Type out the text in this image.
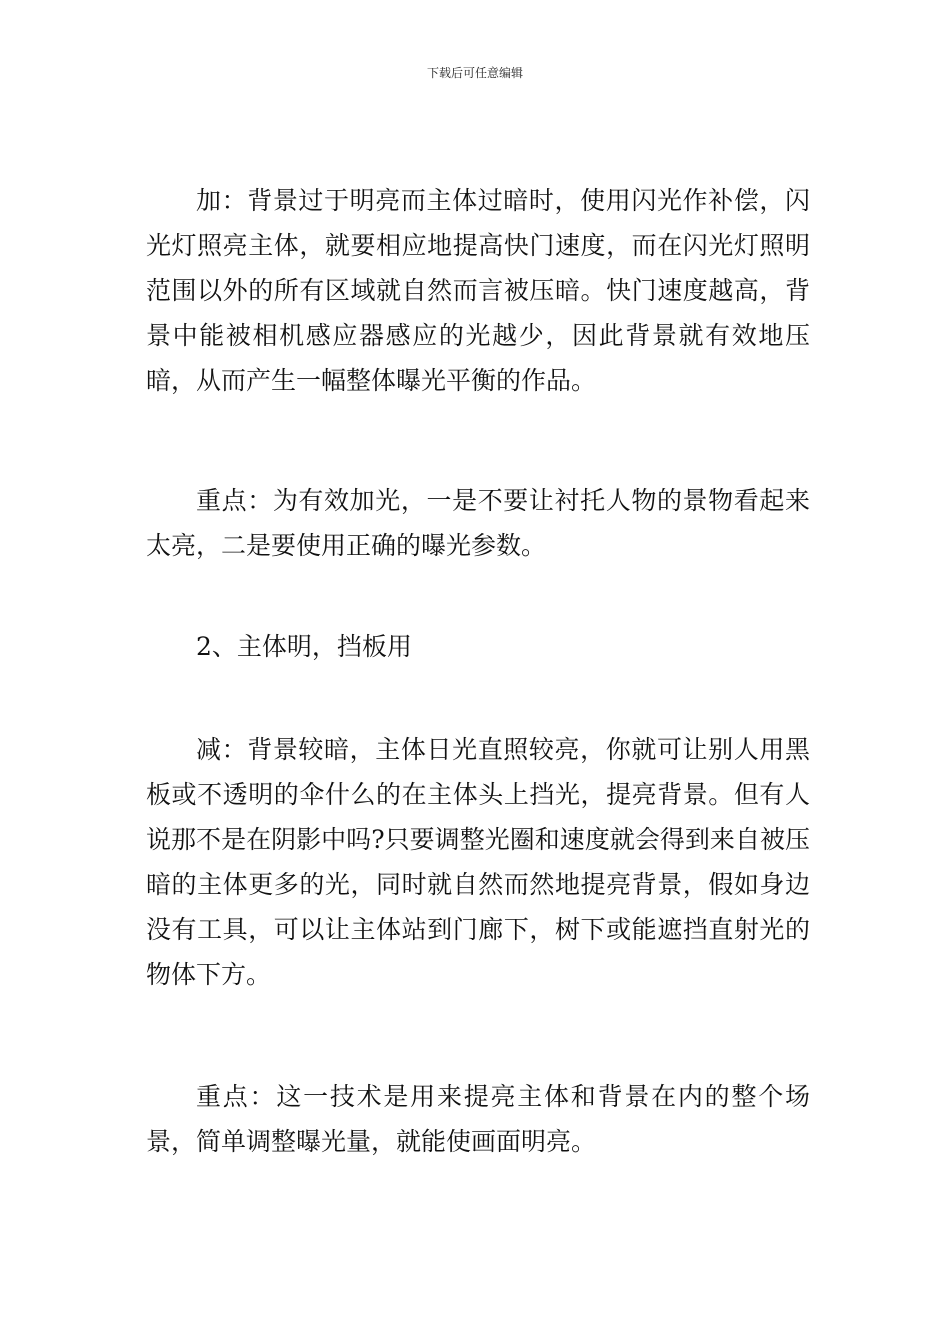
下载后可任意编辑

加：背景过于明亮而主体过暗时，使用闪光作补偿，闪光灯照亮主体，就要相应地提高快门速度，而在闪光灯照明范围以外的所有区域就自然而言被压暗。快门速度越高，背景中能被相机感应器感应的光越少，因此背景就有效地压暗，从而产生一幅整体曝光平衡的作品。

重点：为有效加光，一是不要让衬托人物的景物看起来太亮，二是要使用正确的曝光参数。

2、主体明，挡板用

减：背景较暗，主体日光直照较亮，你就可让别人用黑板或不透明的伞什么的在主体头上挡光，提亮背景。但有人说那不是在阴影中吗?只要调整光圈和速度就会得到来自被压暗的主体更多的光，同时就自然而然地提亮背景，假如身边没有工具，可以让主体站到门廊下，树下或能遮挡直射光的物体下方。

重点：这一技术是用来提亮主体和背景在内的整个场景，简单调整曝光量，就能使画面明亮。
